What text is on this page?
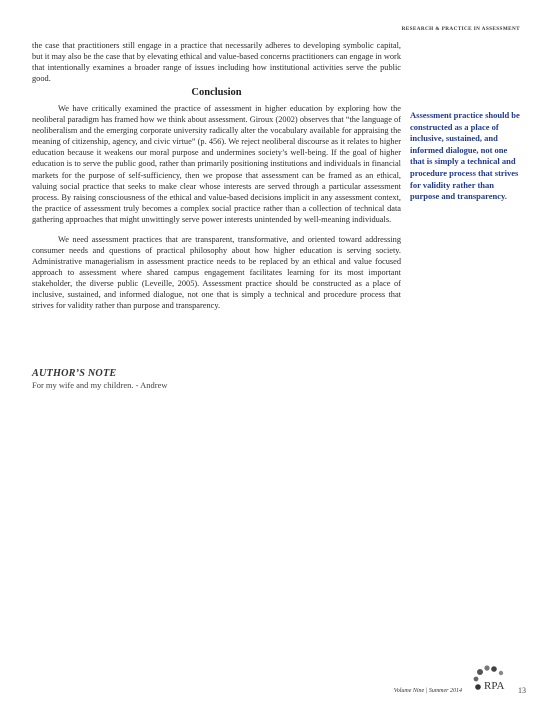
RESEARCH & PRACTICE IN ASSESSMENT

the case that practitioners still engage in a practice that necessarily adheres to developing symbolic capital, but it may also be the case that by elevating ethical and value-based concerns practitioners can engage in work that intentionally examines a broader range of issues including how institutional activities serve the public good.

Conclusion

We have critically examined the practice of assessment in higher education by exploring how the neoliberal paradigm has framed how we think about assessment. Giroux (2002) observes that “the language of neoliberalism and the emerging corporate university radically alter the vocabulary available for appraising the meaning of citizenship, agency, and civic virtue” (p. 456). We reject neoliberal discourse as it relates to higher education because it weakens our moral purpose and undermines society’s well-being. If the goal of higher education is to serve the public good, rather than primarily positioning institutions and individuals in financial markets for the purpose of self-sufficiency, then we propose that assessment can be framed as an ethical, valuing social practice that seeks to make clear whose interests are served through a particular assessment process. By raising consciousness of the ethical and value-based decisions implicit in any assessment context, the practice of assessment truly becomes a complex social practice rather than a collection of technical data gathering approaches that might unwittingly serve power interests unintended by well-meaning individuals.

We need assessment practices that are transparent, transformative, and oriented toward addressing consumer needs and questions of practical philosophy about how higher education is serving society. Administrative managerialism in assessment practice needs to be replaced by an ethical and value focused approach to assessment where shared campus engagement facilitates learning for its most important stakeholder, the diverse public (Leveille, 2005). Assessment practice should be constructed as a place of inclusive, sustained, and informed dialogue, not one that is simply a technical and procedure process that strives for validity rather than purpose and transparency.

Assessment practice should be constructed as a place of inclusive, sustained, and informed dialogue, not one that is simply a technical and procedure process that strives for validity rather than purpose and transparency.
AUTHOR’S NOTE
For my wife and my children. - Andrew
Volume Nine | Summer 2014 RPA 13
